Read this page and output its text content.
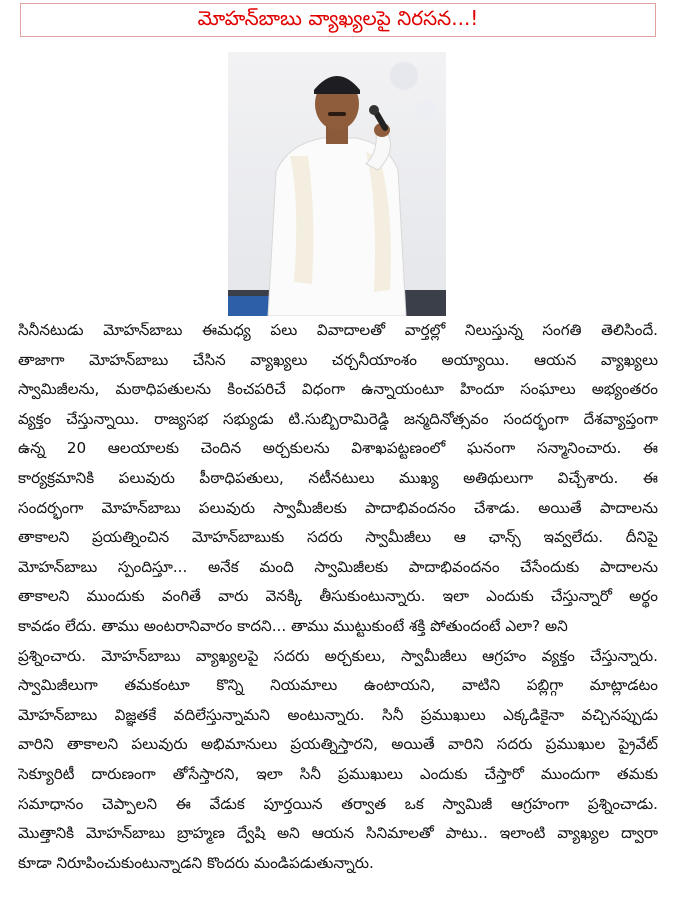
మోహన్‌బాబు వ్యాఖ్యలపై నిరసన...!
సినీనటుడు మోహన్‌బాబు ఈమధ్య పలు వివాదాలతో వార్తల్లో నిలుస్తున్న సంగతి తెలిసిందే.
తాజాగా మోహన్‌బాబు చేసిన వ్యాఖ్యలు చర్చనీయాంశం అయ్యాయి. ఆయన వ్యాఖ్యలు
స్వామిజీలను, మఠాధిపతులను కించపరిచే విధంగా ఉన్నాయంటూ హిందూ సంఘాలు అభ్యంతరం
వ్యక్తం చేస్తున్నాయి. రాజ్యసభ సభ్యుడు టి.సుబ్బిరామిరెడ్డి జన్మదినోత్సవం సందర్భంగా దేశవ్యాప్తంగా
ఉన్న 20 ఆలయాలకు చెందిన అర్చకులను విశాఖపట్టణంలో ఘనంగా సన్మానించారు. ఈ
కార్యక్రమానికి పలువురు పీఠాధిపతులు, నటీనటులు ముఖ్య అతిథులుగా విచ్చేశారు. ఈ
సందర్భంగా మోహన్‌బాబు పలువురు స్వామీజీలకు పాదాభివందనం చేశాడు. అయితే పాదాలను
తాకాలని ప్రయత్నించిన మోహన్‌బాబుకు సదరు స్వామీజీలు ఆ ఛాన్స్ ఇవ్వలేదు. దీనిపై
మోహన్‌బాబు స్పందిస్తూ... అనేక మంది స్వామిజీలకు పాదాభివందనం చేసేందుకు పాదాలను
తాకాలని ముందుకు వంగితే వారు వెనక్కి తీసుకుంటున్నారు. ఇలా ఎందుకు చేస్తున్నారో అర్థం
కావడం లేదు. తాము అంటరానివారం కాదని... తాము ముట్టుకుంటే శక్తి పోతుందంటే ఎలా? అని
ప్రశ్నించారు. మోహన్‌బాబు వ్యాఖ్యలపై సదరు అర్చకులు, స్వామీజీలు ఆగ్రహం వ్యక్తం చేస్తున్నారు.
స్వామిజీలుగా తమకంటూ కొన్ని నియమాలు ఉంటాయని, వాటిని పబ్లిగ్గా మాట్లాడటం
మోహన్‌బాబు విజ్ఞతకే వదిలేస్తున్నామని అంటున్నారు. సినీ ప్రముఖులు ఎక్కడికైనా వచ్చినప్పుడు
వారిని తాకాలని పలువురు అభిమానులు ప్రయత్నిస్తారని, అయితే వారిని సదరు ప్రముఖుల ప్రైవేట్
సెక్యూరిటీ దారుణంగా తోసేస్తారని, ఇలా సినీ ప్రముఖులు ఎందుకు చేస్తారో ముందుగా తమకు
సమాధానం చెప్పాలని ఈ వేడుక పూర్తయిన తర్వాత ఒక స్వామిజీ ఆగ్రహంగా ప్రశ్నించాడు.
మొత్తానికి మోహన్‌బాబు బ్రాహ్మణ ద్వేషి అని ఆయన సినిమాలతో పాటు.. ఇలాంటి వ్యాఖ్యల ద్వారా
కూడా నిరూపించుకుంటున్నాడని కొందరు మండిపడుతున్నారు.
